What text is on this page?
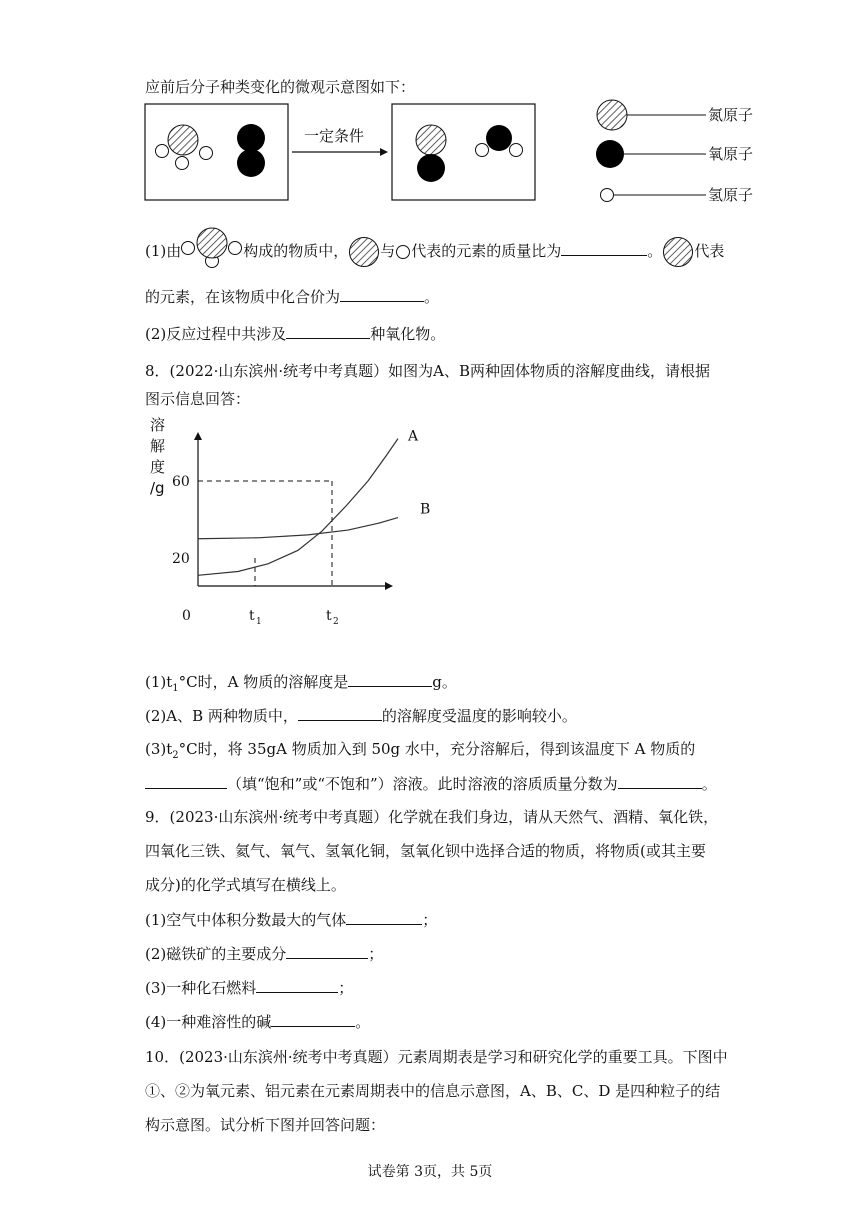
应前后分子种类变化的微观示意图如下：
一定条件
氮原子
氧原子
氢原子
(1)由	构成的物质中， 与 代表的元素的质量比为	。 代表
的元素，在该物质中化合价为	。
(2)反应过程中共涉及	种氧化物。
8．(2022·山东滨州·统考中考真题）如图为A、B两种固体物质的溶解度曲线，请根据
图示信息回答：
溶
解
度
/g
0
20
60
t 1	t 2
A
B
$(1)t_1^\circ C$时，A 物质的溶解度是	g。
(2)A、B 两种物质中，	的溶解度受温度的影响较小。
$(3)t_2^\circ C$时，将 35gA 物质加入到 50g 水中，充分溶解后，得到该温度下 A 物质的
（填“饱和”或“不饱和”）溶液。此时溶液的溶质质量分数为	。
9．(2023·山东滨州·统考中考真题）化学就在我们身边，请从天然气、酒精、氧化铁，
四氧化三铁、氦气、氧气、氢氧化铜，氢氧化钡中选择合适的物质，将物质(或其主要
成分)的化学式填写在横线上。
(1)空气中体积分数最大的气体	；
(2)磁铁矿的主要成分	；
(3)一种化石燃料	；
(4)一种难溶性的碱	。
10．(2023·山东滨州·统考中考真题）元素周期表是学习和研究化学的重要工具。下图中
①、②为氧元素、铝元素在元素周期表中的信息示意图，A、B、C、D 是四种粒子的结
构示意图。试分析下图并回答问题：
试卷第 3页，共 5页
